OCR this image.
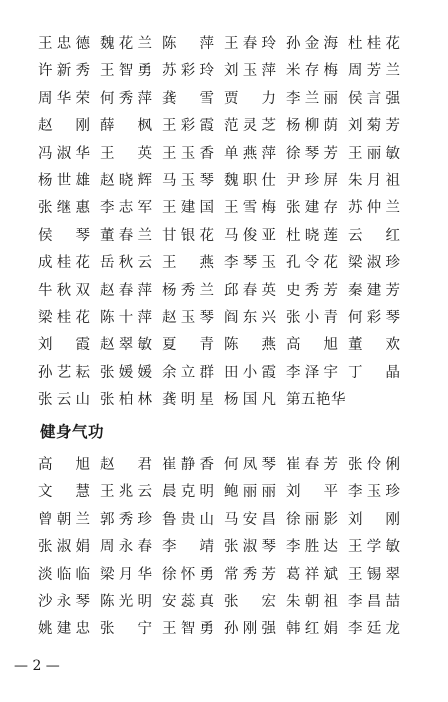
王忠德 魏花兰 陈　萍 王春玲 孙金海 杜桂花
许新秀 王智勇 苏彩玲 刘玉萍 米存梅 周芳兰
周华荣 何秀萍 龚　雪 贾　力 李兰丽 侯言强
赵　刚 薛　枫 王彩霞 范灵芝 杨柳荫 刘菊芳
冯淑华 王　英 王玉香 单燕萍 徐琴芳 王丽敏
杨世雄 赵晓辉 马玉琴 魏职仕 尹珍屏 朱月祖
张继惠 李志军 王建国 王雪梅 张建存 苏仲兰
侯　琴 董春兰 甘银花 马俊亚 杜晓莲 云　红
成桂花 岳秋云 王　燕 李琴玉 孔令花 梁淑珍
牛秋双 赵春萍 杨秀兰 邱春英 史秀芳 秦建芳
梁桂花 陈十萍 赵玉琴 阎东兴 张小青 何彩琴
刘　霞 赵翠敏 夏　青 陈　燕 高　旭 董　欢
孙艺耘 张媛媛 余立群 田小霞 李泽宇 丁　晶
张云山 张柏林 龚明星 杨国凡 第五艳华
健身气功
高　旭 赵　君 崔静香 何凤琴 崔春芳 张伶俐
文　慧 王兆云 晨克明 鲍丽丽 刘　平 李玉珍
曾朝兰 郭秀珍 鲁贵山 马安昌 徐丽影 刘　刚
张淑娟 周永春 李　靖 张淑琴 李胜达 王学敏
淡临临 梁月华 徐怀勇 常秀芳 葛祥斌 王锡翠
沙永琴 陈光明 安蕊真 张　宏 朱朝祖 李昌喆
姚建忠 张　宁 王智勇 孙刚强 韩红娟 李廷龙
— 2 —
